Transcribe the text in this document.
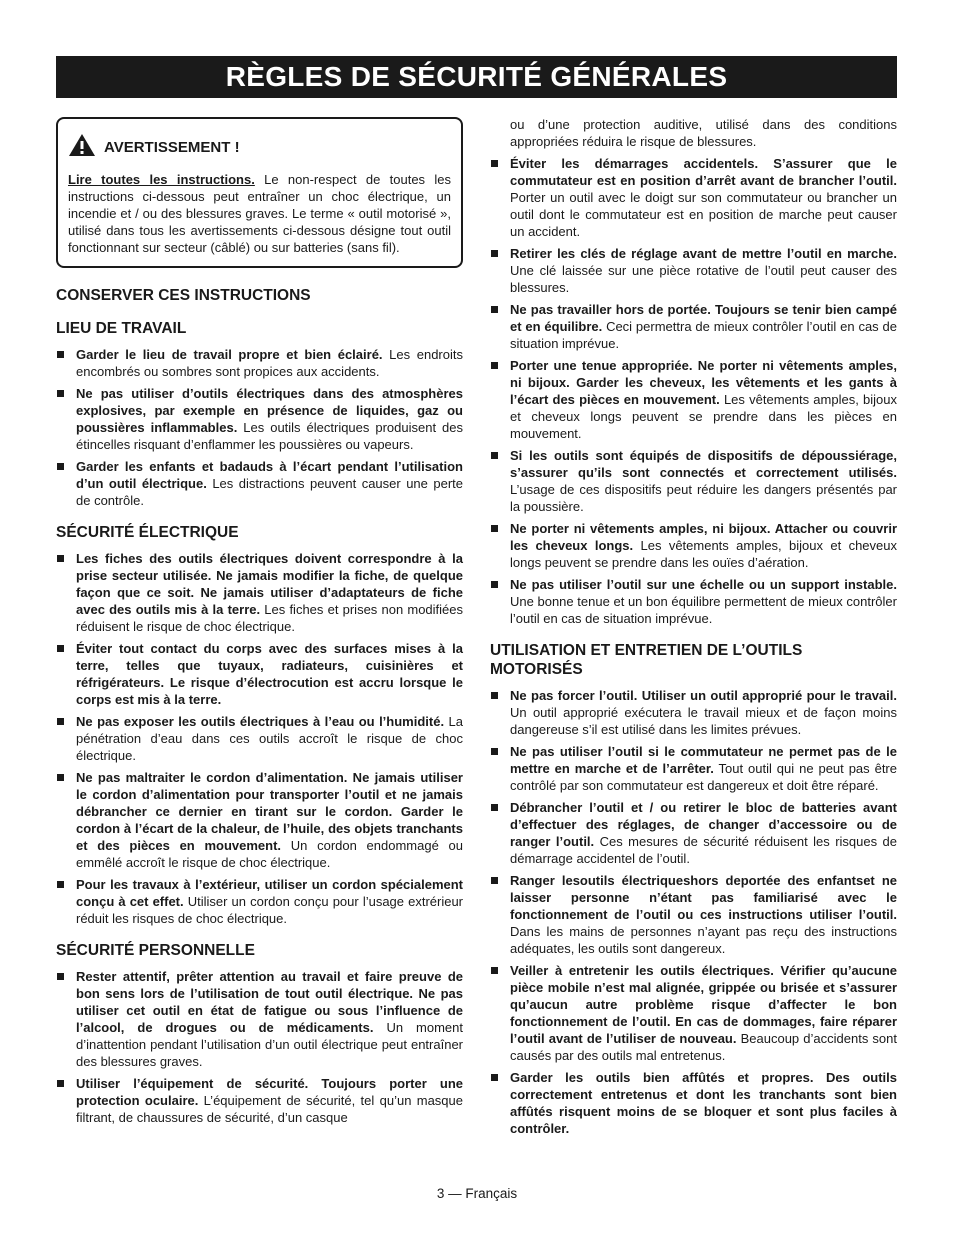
RÈGLES DE SÉCURITÉ GÉNÉRALES
AVERTISSEMENT !

Lire toutes les instructions. Le non-respect de toutes les instructions ci-dessous peut entraîner un choc électrique, un incendie et / ou des blessures graves. Le terme « outil motorisé », utilisé dans tous les avertissements ci-dessous désigne tout outil fonctionnant sur secteur (câblé) ou sur batteries (sans fil).

CONSERVER CES INSTRUCTIONS
LIEU DE TRAVAIL
Garder le lieu de travail propre et bien éclairé. Les endroits encombrés ou sombres sont propices aux accidents.
Ne pas utiliser d’outils électriques dans des atmosphères explosives, par exemple en présence de liquides, gaz ou poussières inflammables. Les outils électriques produisent des étincelles risquant d’enflammer les poussières ou vapeurs.
Garder les enfants et badauds à l’écart pendant l’utilisation d’un outil électrique. Les distractions peuvent causer une perte de contrôle.
SÉCURITÉ ÉLECTRIQUE
Les fiches des outils électriques doivent correspondre à la prise secteur utilisée. Ne jamais modifier la fiche, de quelque façon que ce soit. Ne jamais utiliser d’adaptateurs de fiche avec des outils mis à la terre. Les fiches et prises non modifiées réduisent le risque de choc électrique.
Éviter tout contact du corps avec des surfaces mises à la terre, telles que tuyaux, radiateurs, cuisinières et réfrigérateurs. Le risque d’électrocution est accru lorsque le corps est mis à la terre.
Ne pas exposer les outils électriques à l’eau ou l’humidité. La pénétration d’eau dans ces outils accroît le risque de choc électrique.
Ne pas maltraiter le cordon d’alimentation. Ne jamais utiliser le cordon d’alimentation pour transporter l’outil et ne jamais débrancher ce dernier en tirant sur le cordon. Garder le cordon à l’écart de la chaleur, de l’huile, des objets tranchants et des pièces en mouvement. Un cordon endommagé ou emmêlé accroît le risque de choc électrique.
Pour les travaux à l’extérieur, utiliser un cordon spécialement conçu à cet effet. Utiliser un cordon conçu pour l’usage extrérieur réduit les risques de choc électrique.
SÉCURITÉ PERSONNELLE
Rester attentif, prêter attention au travail et faire preuve de bon sens lors de l’utilisation de tout outil électrique. Ne pas utiliser cet outil en état de fatigue ou sous l’influence de l’alcool, de drogues ou de médicaments. Un moment d’inattention pendant l’utilisation d’un outil électrique peut entraîner des blessures graves.
Utiliser l’équipement de sécurité. Toujours porter une protection oculaire. L’équipement de sécurité, tel qu’un masque filtrant, de chaussures de sécurité, d’un casque

ou d’une protection auditive, utilisé dans des conditions appropriées réduira le risque de blessures.

Éviter les démarrages accidentels. S’assurer que le commutateur est en position d’arrêt avant de brancher l’outil. Porter un outil avec le doigt sur son commutateur ou brancher un outil dont le commutateur est en position de marche peut causer un accident.
Retirer les clés de réglage avant de mettre l’outil en marche. Une clé laissée sur une pièce rotative de l’outil peut causer des blessures.
Ne pas travailler hors de portée. Toujours se tenir bien campé et en équilibre. Ceci permettra de mieux contrôler l’outil en cas de situation imprévue.
Porter une tenue appropriée. Ne porter ni vêtements amples, ni bijoux. Garder les cheveux, les vêtements et les gants à l’écart des pièces en mouvement. Les vêtements amples, bijoux et cheveux longs peuvent se prendre dans les pièces en mouvement.
Si les outils sont équipés de dispositifs de dépoussiérage, s’assurer qu’ils sont connectés et correctement utilisés. L’usage de ces dispositifs peut réduire les dangers présentés par la poussière.
Ne porter ni vêtements amples, ni bijoux. Attacher ou couvrir les cheveux longs. Les vêtements amples, bijoux et cheveux longs peuvent se prendre dans les ouïes d’aération.
Ne pas utiliser l’outil sur une échelle ou un support instable. Une bonne tenue et un bon équilibre permettent de mieux contrôler l’outil en cas de situation imprévue.
UTILISATION ET ENTRETIEN DE L’OUTILS MOTORISÉS
Ne pas forcer l’outil. Utiliser un outil approprié pour le travail. Un outil approprié exécutera le travail mieux et de façon moins dangereuse s’il est utilisé dans les limites prévues.
Ne pas utiliser l’outil si le commutateur ne permet pas de le mettre en marche et de l’arrêter. Tout outil qui ne peut pas être contrôlé par son commutateur est dangereux et doit être réparé.
Débrancher l’outil et / ou retirer le bloc de batteries avant d’effectuer des réglages, de changer d’accessoire ou de ranger l’outil. Ces mesures de sécurité réduisent les risques de démarrage accidentel de l’outil.
Ranger lesoutils électriqueshors deportée des enfantset ne laisser personne n’étant pas familiarisé avec le fonctionnement de l’outil ou ces instructions utiliser l’outil. Dans les mains de personnes n’ayant pas reçu des instructions adéquates, les outils sont dangereux.
Veiller à entretenir les outils électriques. Vérifier qu’aucune pièce mobile n’est mal alignée, grippée ou brisée et s’assurer qu’aucun autre problème risque d’affecter le bon fonctionnement de l’outil. En cas de dommages, faire réparer l’outil avant de l’utiliser de nouveau. Beaucoup d’accidents sont causés par des outils mal entretenus.
Garder les outils bien affûtés et propres. Des outils correctement entretenus et dont les tranchants sont bien affûtés risquent moins de se bloquer et sont plus faciles à contrôler.
3 — Français
